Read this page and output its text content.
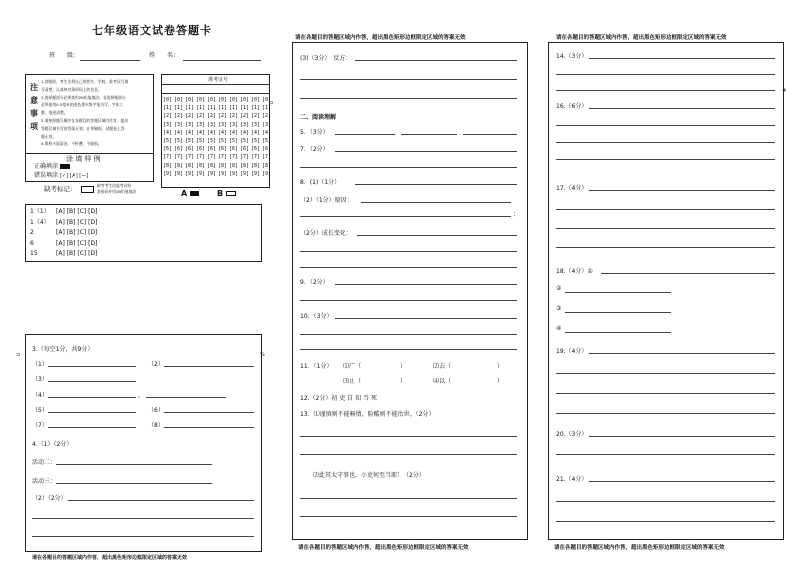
七年级语文试卷答题卡
班　　级：	姓　　名：
注
意
事
项
1.答题前，考生先将自己的姓名、学校、准考证号填
写清楚，认真核对条形码上的信息。
2.选择题部分必须使用2B铅笔填涂；非选择题部分
必须使用0.5毫米的黑色墨水签字笔书写，字体工
整、笔迹清楚。
3.请按照题号顺序在各题目的答题区域内作答，超出
答题区域书写的答案无效；在草稿纸、试题卷上答
题无效。
4.保持卡面清洁，不折叠、不破损。
涂 填 样 例
正确填涂
错误填涂 [✓] [✗] [—]
准考证号
[0] [0] [0] [0] [0] [0] [0] [0] [0] [0]
[1] [1] [1] [1] [1] [1] [1] [1] [1] [1]
[2] [2] [2] [2] [2] [2] [2] [2] [2] [2]
[3] [3] [3] [3] [3] [3] [3] [3] [3] [3]
[4] [4] [4] [4] [4] [4] [4] [4] [4] [4]
[5] [5] [5] [5] [5] [5] [5] [5] [5] [5]
[6] [6] [6] [6] [6] [6] [6] [6] [6] [6]
[7] [7] [7] [7] [7] [7] [7] [7] [7] [7]
[8] [8] [8] [8] [8] [8] [8] [8] [8] [8]
[9] [9] [9] [9] [9] [9] [9] [9] [9] [9]
⊐
缺考标记：	缺考考生由监考员贴
条形码并用2B铅笔填涂	A	B
1（1） [A] [B] [C] [D]
1（4） [A] [B] [C] [D]
2	[A] [B] [C] [D]
6	[A] [B] [C] [D]
15	[A] [B] [C] [D]
⊐	%
3.（每空1分，共9分）
（1）	（2）
（3）
（4）	，
（5）	（6）
（7）	（8）
4.（1）（2分）
活动二：
活动三：
（2）（2分）
请在各题目的答题区域内作答，超出黑色矩形边框限定区域的答案无效
请在各题目的答题区域内作答，超出黑色矩形边框限定区域的答案无效
(3)（3分）　反方：
二、阅读理解
5．（3分）
7．（2分）
8．(1)（1分）
（2）（1分）原因：
；
（2分）成长变化：
9．（2分）
10．（3分）
11．（1分） ⑴广（	）	⑵去（	）
⑶止（	）	⑷以（	）
12.（2分）初 吏 自 知 当 死
13．⑴谨慎则不能畅情，险酷则不能治世。（2分）
⑵此其太守事也，小吏何至当耶！（2分）
请在各题目的答题区域内作答，超出黑色矩形边框限定区域的答案无效
请在各题目的答题区域内作答，超出黑色矩形边框限定区域的答案无效
#
14.（3分）
16.（6分）
17.（4分）
18.（4分）①
②
③
④
19.（4分）
20.（3分）
21.（4分）
请在各题目的答题区域内作答，超出黑色矩形边框限定区域的答案无效
